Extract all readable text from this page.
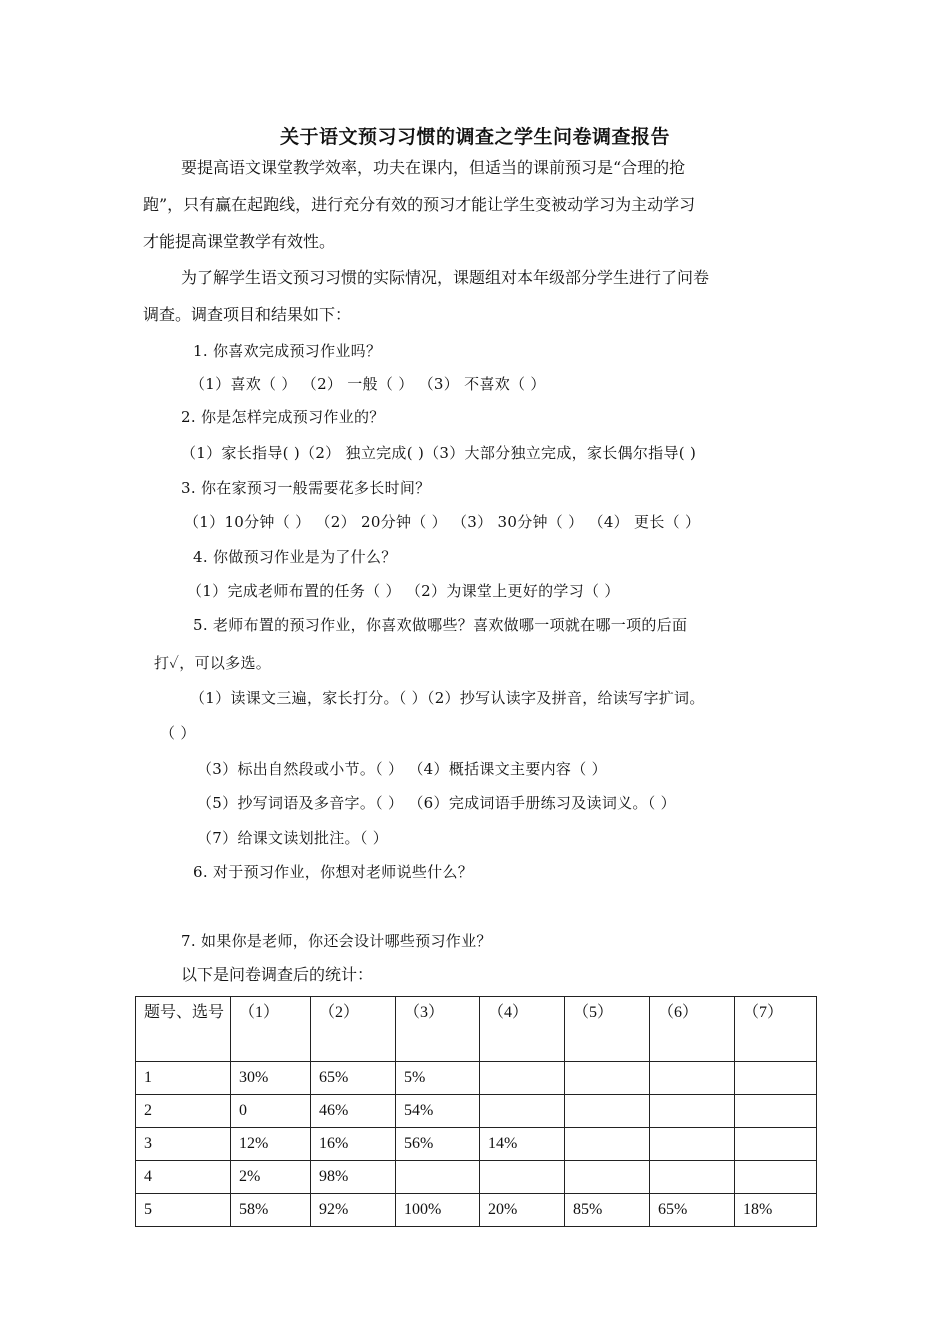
关于语文预习习惯的调查之学生问卷调查报告
要提高语文课堂教学效率，功夫在课内，但适当的课前预习是“合理的抢
跑”，只有赢在起跑线，进行充分有效的预习才能让学生变被动学习为主动学习
才能提高课堂教学有效性。
为了解学生语文预习习惯的实际情况，课题组对本年级部分学生进行了问卷
调查。调查项目和结果如下：
1. 你喜欢完成预习作业吗？
（1）喜欢（ ） （2） 一般（ ） （3） 不喜欢（ ）
2. 你是怎样完成预习作业的？
（1）家长指导( )（2） 独立完成( )（3）大部分独立完成，家长偶尔指导( )
3. 你在家预习一般需要花多长时间？
（1）10分钟（ ） （2） 20分钟（ ） （3） 30分钟（ ） （4） 更长（ ）
4. 你做预习作业是为了什么？
（1）完成老师布置的任务（ ） （2）为课堂上更好的学习（ ）
5. 老师布置的预习作业，你喜欢做哪些？喜欢做哪一项就在哪一项的后面
打✓，可以多选。
（1）读课文三遍，家长打分。（ ）（2）抄写认读字及拼音，给读写字扩词。
（ ）
（3）标出自然段或小节。（ ） （4）概括课文主要内容（ ）
（5）抄写词语及多音字。（ ） （6）完成词语手册练习及读词义。（ ）
（7）给课文读划批注。（ ）
6. 对于预习作业，你想对老师说些什么？
7. 如果你是老师，你还会设计哪些预习作业？
以下是问卷调查后的统计：
题号、选号	（1）	（2）	（3）	（4）	（5）	（6）	（7）
1	30%	65%	5%				
2	0	46%	54%				
3	12%	16%	56%	14%			
4	2%	98%					
5	58%	92%	100%	20%	85%	65%	18%
